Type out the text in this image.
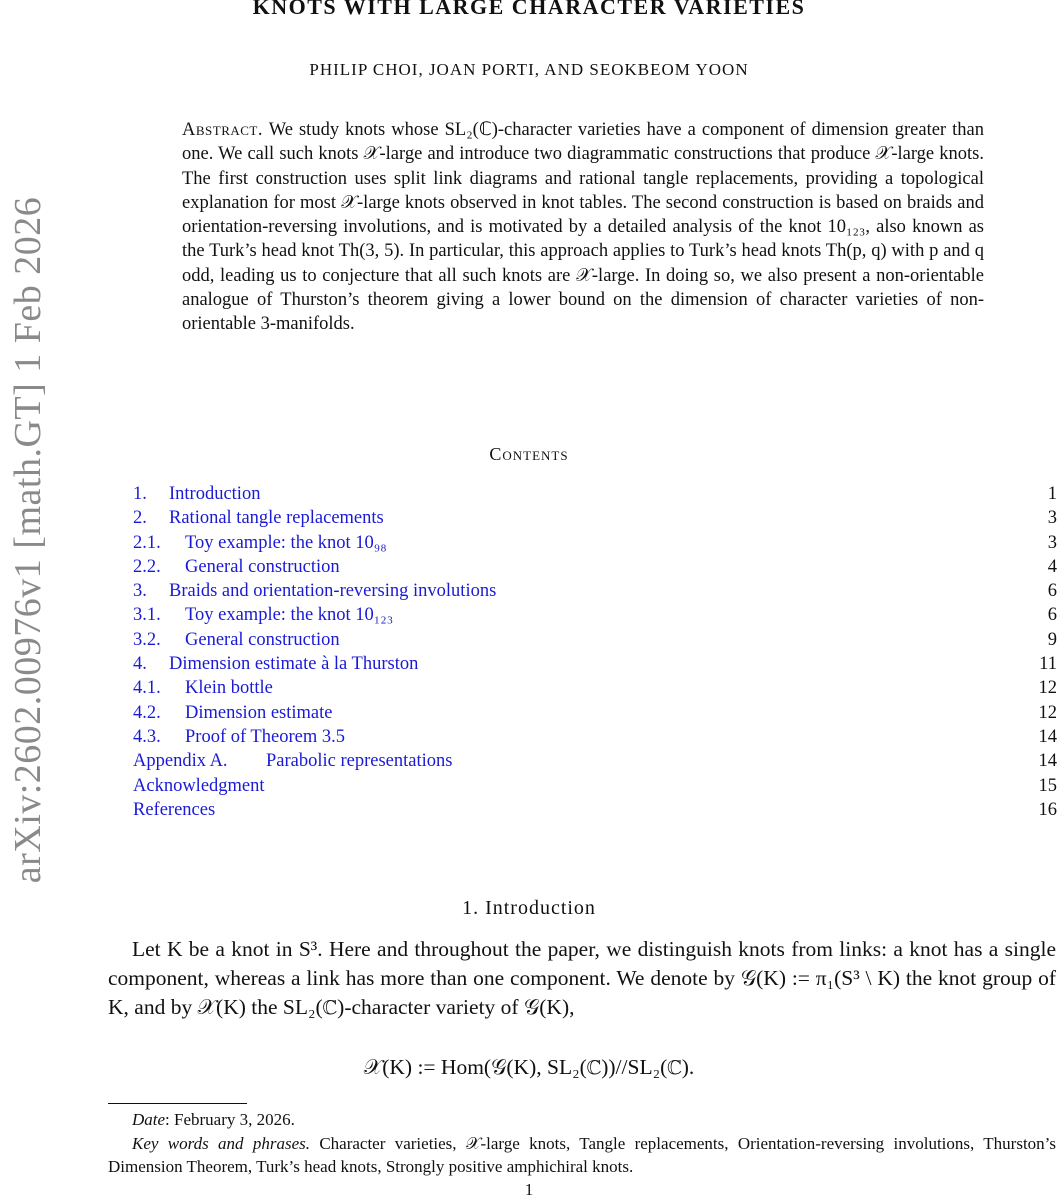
arXiv:2602.00976v1 [math.GT] 1 Feb 2026
KNOTS WITH LARGE CHARACTER VARIETIES
PHILIP CHOI, JOAN PORTI, AND SEOKBEOM YOON
Abstract. We study knots whose SL₂(ℂ)-character varieties have a component of dimension greater than one. We call such knots 𝒳-large and introduce two diagrammatic constructions that produce 𝒳-large knots. The first construction uses split link diagrams and rational tangle replacements, providing a topological explanation for most 𝒳-large knots observed in knot tables. The second construction is based on braids and orientation-reversing involutions, and is motivated by a detailed analysis of the knot 10₁₂₃, also known as the Turk’s head knot Th(3, 5). In particular, this approach applies to Turk’s head knots Th(p, q) with p and q odd, leading us to conjecture that all such knots are 𝒳-large. In doing so, we also present a non-orientable analogue of Thurston’s theorem giving a lower bound on the dimension of character varieties of non-orientable 3-manifolds.
Contents
1. Introduction	1
2. Rational tangle replacements	3
2.1. Toy example: the knot 10₉₈	3
2.2. General construction	4
3. Braids and orientation-reversing involutions	6
3.1. Toy example: the knot 10₁₂₃	6
3.2. General construction	9
4. Dimension estimate à la Thurston	11
4.1. Klein bottle	12
4.2. Dimension estimate	12
4.3. Proof of Theorem 3.5	14
Appendix A. Parabolic representations	14
Acknowledgment	15
References	16
1. Introduction

Let K be a knot in S³. Here and throughout the paper, we distinguish knots from links: a knot has a single component, whereas a link has more than one component. We denote by 𝒢(K) := π₁(S³ \ K) the knot group of K, and by 𝒳(K) the SL₂(ℂ)-character variety of 𝒢(K),

𝒳(K) := Hom(𝒢(K), SL₂(ℂ))//SL₂(ℂ).

Date: February 3, 2026.

Key words and phrases. Character varieties, 𝒳-large knots, Tangle replacements, Orientation-reversing involutions, Thurston’s Dimension Theorem, Turk’s head knots, Strongly positive amphichiral knots.

1
